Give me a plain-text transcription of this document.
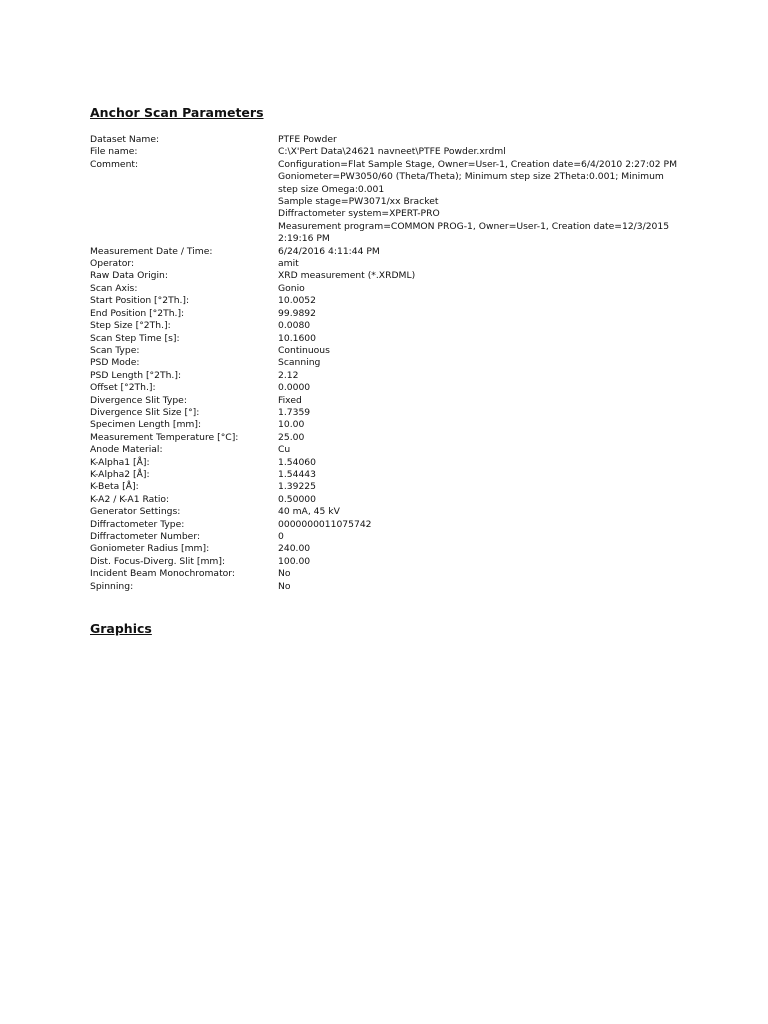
Anchor Scan Parameters
Dataset Name:	PTFE Powder
File name:	C:\X'Pert Data\24621 navneet\PTFE Powder.xrdml
Comment:	Configuration=Flat Sample Stage, Owner=User-1, Creation date=6/4/2010 2:27:02 PM
Goniometer=PW3050/60 (Theta/Theta); Minimum step size 2Theta:0.001; Minimum step size Omega:0.001
Sample stage=PW3071/xx Bracket
Diffractometer system=XPERT-PRO
Measurement program=COMMON PROG-1, Owner=User-1, Creation date=12/3/2015 2:19:16 PM
Measurement Date / Time:	6/24/2016 4:11:44 PM
Operator:	amit
Raw Data Origin:	XRD measurement (*.XRDML)
Scan Axis:	Gonio
Start Position [°2Th.]:	10.0052
End Position [°2Th.]:	99.9892
Step Size [°2Th.]:	0.0080
Scan Step Time [s]:	10.1600
Scan Type:	Continuous
PSD Mode:	Scanning
PSD Length [°2Th.]:	2.12
Offset [°2Th.]:	0.0000
Divergence Slit Type:	Fixed
Divergence Slit Size [°]:	1.7359
Specimen Length [mm]:	10.00
Measurement Temperature [°C]:	25.00
Anode Material:	Cu
K-Alpha1 [Å]:	1.54060
K-Alpha2 [Å]:	1.54443
K-Beta [Å]:	1.39225
K-A2 / K-A1 Ratio:	0.50000
Generator Settings:	40 mA, 45 kV
Diffractometer Type:	0000000011075742
Diffractometer Number:	0
Goniometer Radius [mm]:	240.00
Dist. Focus-Diverg. Slit [mm]:	100.00
Incident Beam Monochromator:	No
Spinning:	No
Graphics
